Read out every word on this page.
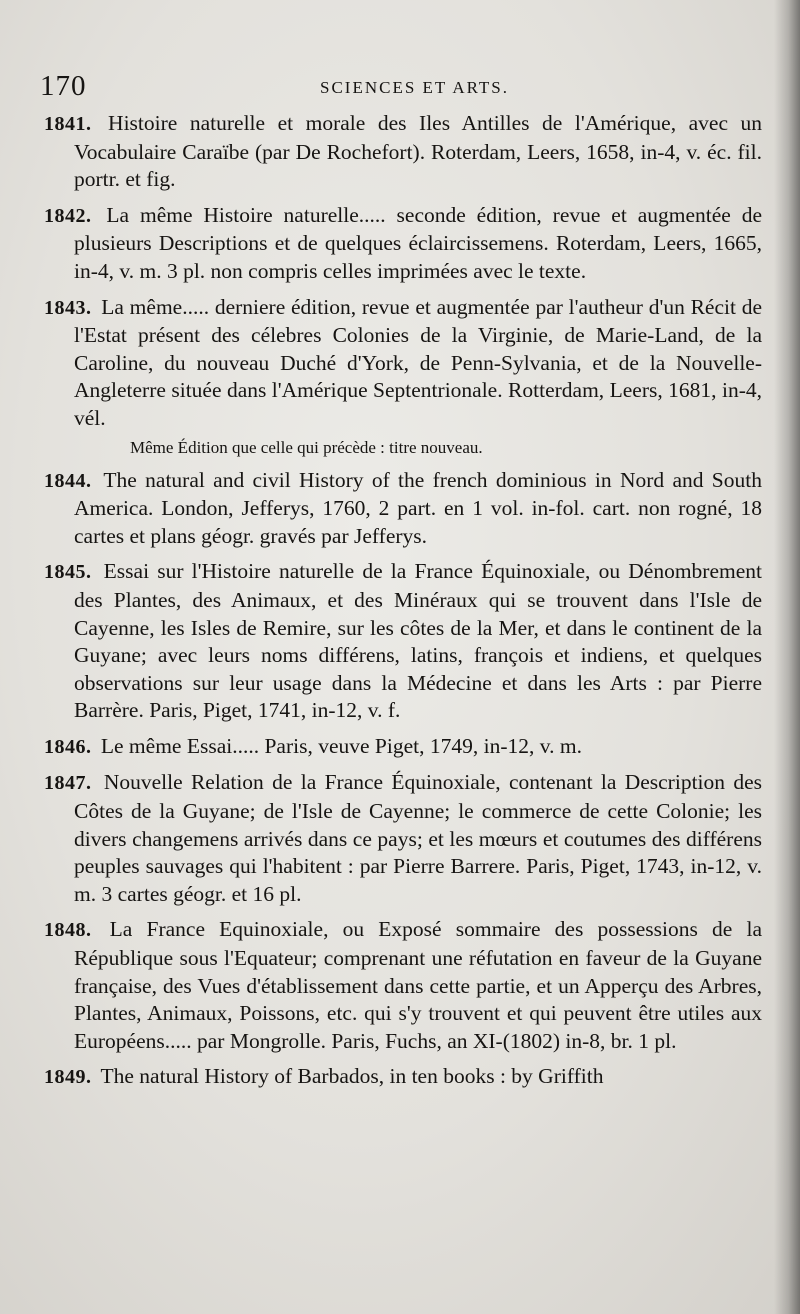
170	SCIENCES ET ARTS.

1841. Histoire naturelle et morale des Iles Antilles de l'Amérique, avec un Vocabulaire Caraïbe (par De Rochefort). Roterdam, Leers, 1658, in-4, v. éc. fil. portr. et fig.

1842. La même Histoire naturelle..... seconde édition, revue et augmentée de plusieurs Descriptions et de quelques éclaircissemens. Roterdam, Leers, 1665, in-4, v. m. 3 pl. non compris celles imprimées avec le texte.

1843. La même..... derniere édition, revue et augmentée par l'autheur d'un Récit de l'Estat présent des célebres Colonies de la Virginie, de Marie-Land, de la Caroline, du nouveau Duché d'York, de Penn-Sylvania, et de la Nouvelle-Angleterre située dans l'Amérique Septentrionale. Rotterdam, Leers, 1681, in-4, vél.

Même Édition que celle qui précède : titre nouveau.

1844. The natural and civil History of the french dominious in Nord and South America. London, Jefferys, 1760, 2 part. en 1 vol. in-fol. cart. non rogné, 18 cartes et plans géogr. gravés par Jefferys.

1845. Essai sur l'Histoire naturelle de la France Équinoxiale, ou Dénombrement des Plantes, des Animaux, et des Minéraux qui se trouvent dans l'Isle de Cayenne, les Isles de Remire, sur les côtes de la Mer, et dans le continent de la Guyane; avec leurs noms différens, latins, françois et indiens, et quelques observations sur leur usage dans la Médecine et dans les Arts : par Pierre Barrère. Paris, Piget, 1741, in-12, v. f.

1846. Le même Essai..... Paris, veuve Piget, 1749, in-12, v. m.

1847. Nouvelle Relation de la France Équinoxiale, contenant la Description des Côtes de la Guyane; de l'Isle de Cayenne; le commerce de cette Colonie; les divers changemens arrivés dans ce pays; et les mœurs et coutumes des différens peuples sauvages qui l'habitent : par Pierre Barrere. Paris, Piget, 1743, in-12, v. m. 3 cartes géogr. et 16 pl.

1848. La France Equinoxiale, ou Exposé sommaire des possessions de la République sous l'Equateur; comprenant une réfutation en faveur de la Guyane française, des Vues d'établissement dans cette partie, et un Apperçu des Arbres, Plantes, Animaux, Poissons, etc. qui s'y trouvent et qui peuvent être utiles aux Européens..... par Mongrolle. Paris, Fuchs, an XI-(1802) in-8, br. 1 pl.

1849. The natural History of Barbados, in ten books : by Griffith
